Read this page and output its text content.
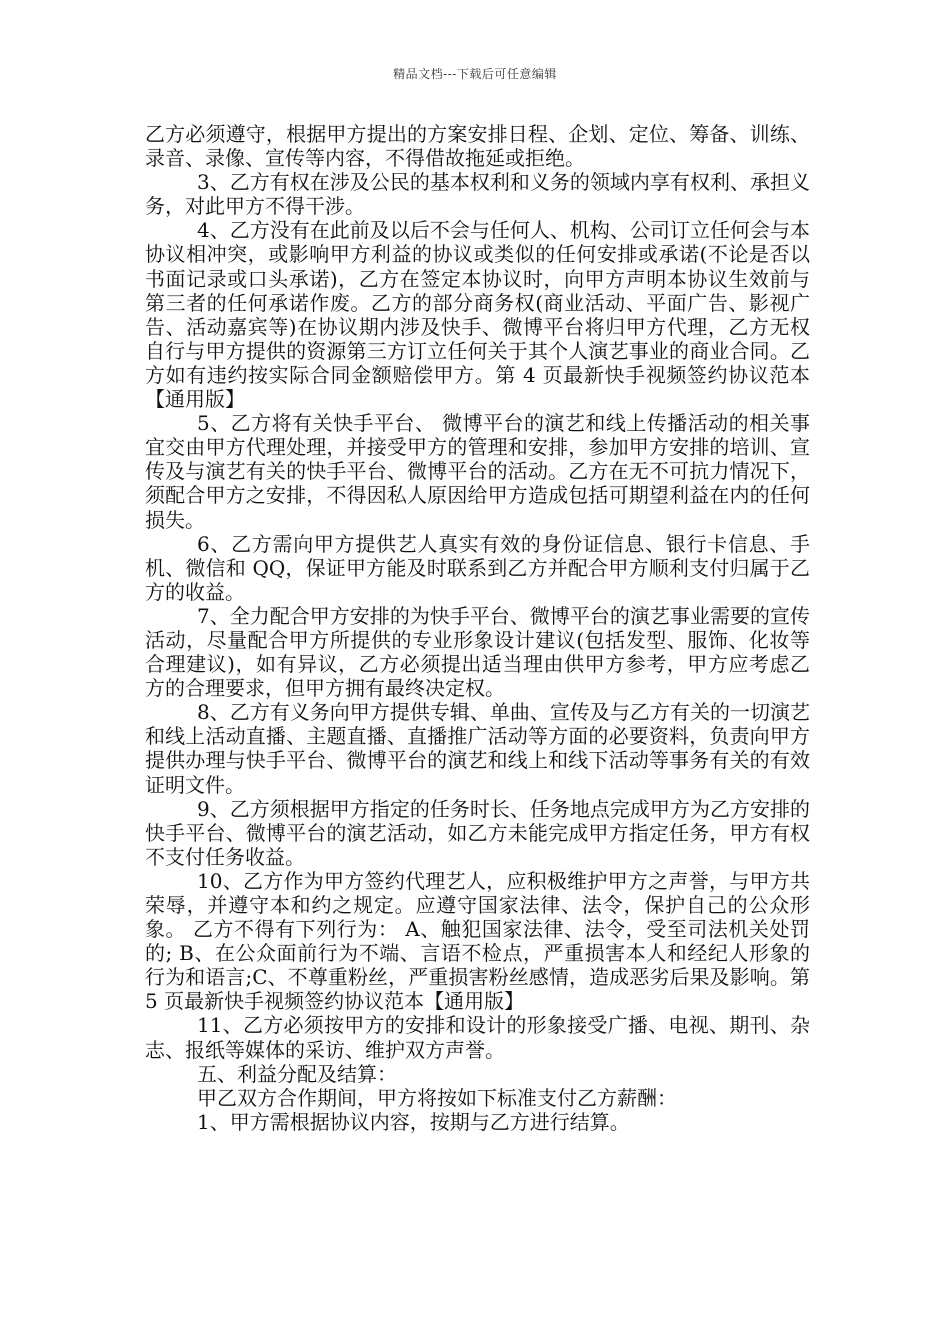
精品文档---下载后可任意编辑

乙方必须遵守，根据甲方提出的方案安排日程、企划、定位、筹备、训练、录音、录像、宣传等内容，不得借故拖延或拒绝。

3、乙方有权在涉及公民的基本权利和义务的领域内享有权利、承担义务，对此甲方不得干涉。

4、乙方没有在此前及以后不会与任何人、机构、公司订立任何会与本协议相冲突，或影响甲方利益的协议或类似的任何安排或承诺(不论是否以书面记录或口头承诺)，乙方在签定本协议时，向甲方声明本协议生效前与第三者的任何承诺作废。乙方的部分商务权(商业活动、平面广告、影视广告、活动嘉宾等)在协议期内涉及快手、微博平台将归甲方代理，乙方无权自行与甲方提供的资源第三方订立任何关于其个人演艺事业的商业合同。乙方如有违约按实际合同金额赔偿甲方。第 4 页最新快手视频签约协议范本【通用版】

5、乙方将有关快手平台、 微博平台的演艺和线上传播活动的相关事宜交由甲方代理处理，并接受甲方的管理和安排，参加甲方安排的培训、宣传及与演艺有关的快手平台、微博平台的活动。乙方在无不可抗力情况下，须配合甲方之安排，不得因私人原因给甲方造成包括可期望利益在内的任何损失。

6、乙方需向甲方提供艺人真实有效的身份证信息、银行卡信息、手机、微信和 QQ，保证甲方能及时联系到乙方并配合甲方顺利支付归属于乙方的收益。

7、全力配合甲方安排的为快手平台、微博平台的演艺事业需要的宣传活动，尽量配合甲方所提供的专业形象设计建议(包括发型、服饰、化妆等合理建议)，如有异议，乙方必须提出适当理由供甲方参考，甲方应考虑乙方的合理要求，但甲方拥有最终决定权。

8、乙方有义务向甲方提供专辑、单曲、宣传及与乙方有关的一切演艺和线上活动直播、主题直播、直播推广活动等方面的必要资料，负责向甲方提供办理与快手平台、微博平台的演艺和线上和线下活动等事务有关的有效证明文件。

9、乙方须根据甲方指定的任务时长、任务地点完成甲方为乙方安排的快手平台、微博平台的演艺活动，如乙方未能完成甲方指定任务，甲方有权不支付任务收益。

10、乙方作为甲方签约代理艺人，应积极维护甲方之声誉，与甲方共荣辱，并遵守本和约之规定。应遵守国家法律、法令，保护自己的公众形象。 乙方不得有下列行为： A、触犯国家法律、法令，受至司法机关处罚的; B、在公众面前行为不端、言语不检点，严重损害本人和经纪人形象的行为和语言;C、不尊重粉丝，严重损害粉丝感情，造成恶劣后果及影响。第 5 页最新快手视频签约协议范本【通用版】

11、乙方必须按甲方的安排和设计的形象接受广播、电视、期刊、杂志、报纸等媒体的采访、维护双方声誉。

五、利益分配及结算：

甲乙双方合作期间，甲方将按如下标准支付乙方薪酬：

1、甲方需根据协议内容，按期与乙方进行结算。
